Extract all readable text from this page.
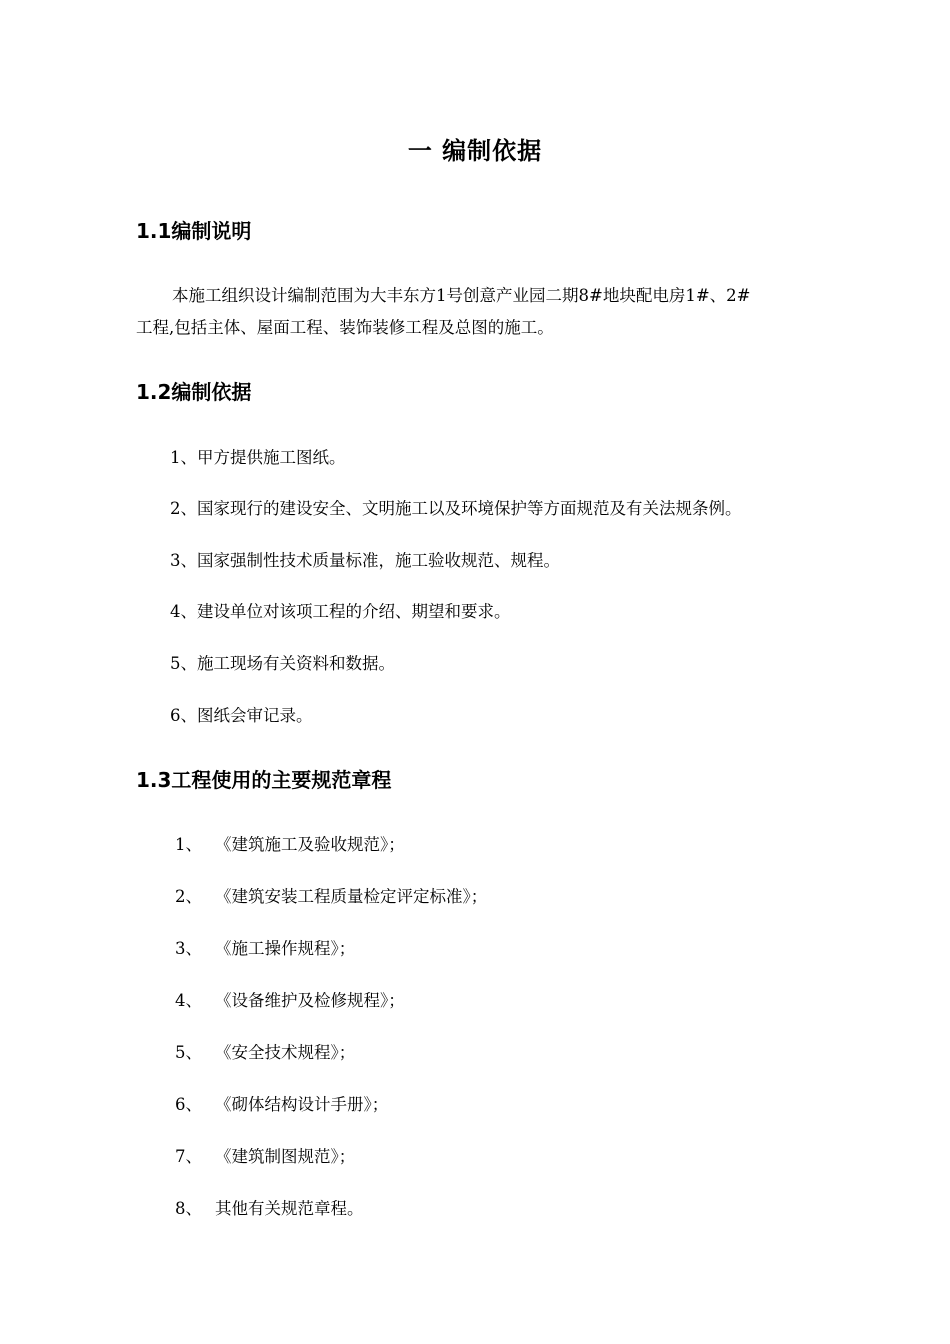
一 编制依据
1.1编制说明
本施工组织设计编制范围为大丰东方1号创意产业园二期8#地块配电房1#、2#
工程,包括主体、屋面工程、装饰装修工程及总图的施工。
1.2编制依据
1、甲方提供施工图纸。
2、国家现行的建设安全、文明施工以及环境保护等方面规范及有关法规条例。
3、国家强制性技术质量标准，施工验收规范、规程。
4、建设单位对该项工程的介绍、期望和要求。
5、施工现场有关资料和数据。
6、图纸会审记录。
1.3工程使用的主要规范章程
1、 《建筑施工及验收规范》；
2、 《建筑安装工程质量检定评定标准》；
3、 《施工操作规程》；
4、 《设备维护及检修规程》；
5、 《安全技术规程》；
6、 《砌体结构设计手册》；
7、 《建筑制图规范》；
8、其他有关规范章程。
